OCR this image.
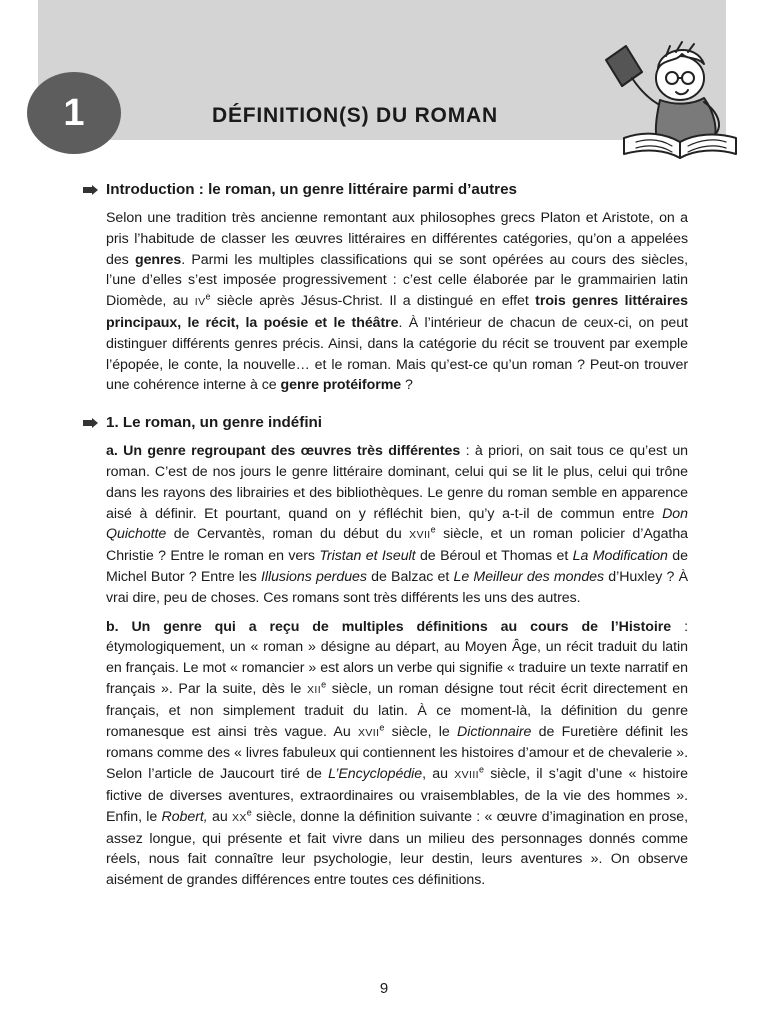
1	DÉFINITION(S) DU ROMAN
Introduction : le roman, un genre littéraire parmi d’autres

Selon une tradition très ancienne remontant aux philosophes grecs Platon et Aristote, on a pris l’habitude de classer les œuvres littéraires en différentes catégories, qu’on a appelées des genres. Parmi les multiples classifications qui se sont opérées au cours des siècles, l’une d’elles s’est imposée progressivement : c’est celle élaborée par le grammairien latin Diomède, au IVe siècle après Jésus-Christ. Il a distingué en effet trois genres littéraires principaux, le récit, la poésie et le théâtre. À l’intérieur de chacun de ceux-ci, on peut distinguer différents genres précis. Ainsi, dans la catégorie du récit se trouvent par exemple l’épopée, le conte, la nouvelle… et le roman. Mais qu’est-ce qu’un roman ? Peut-on trouver une cohérence interne à ce genre protéiforme ?

1. Le roman, un genre indéfini

a. Un genre regroupant des œuvres très différentes : à priori, on sait tous ce qu’est un roman. C’est de nos jours le genre littéraire dominant, celui qui se lit le plus, celui qui trône dans les rayons des librairies et des bibliothèques. Le genre du roman semble en apparence aisé à définir. Et pourtant, quand on y réfléchit bien, qu’y a-t-il de commun entre Don Quichotte de Cervantès, roman du début du XVIIe siècle, et un roman policier d’Agatha Christie ? Entre le roman en vers Tristan et Iseult de Béroul et Thomas et La Modification de Michel Butor ? Entre les Illusions perdues de Balzac et Le Meilleur des mondes d’Huxley ? À vrai dire, peu de choses. Ces romans sont très différents les uns des autres.

b. Un genre qui a reçu de multiples définitions au cours de l’Histoire : étymologiquement, un « roman » désigne au départ, au Moyen Âge, un récit traduit du latin en français. Le mot « romancier » est alors un verbe qui signifie « traduire un texte narratif en français ». Par la suite, dès le XIIe siècle, un roman désigne tout récit écrit directement en français, et non simplement traduit du latin. À ce moment-là, la définition du genre romanesque est ainsi très vague. Au XVIIe siècle, le Dictionnaire de Furetière définit les romans comme des « livres fabuleux qui contiennent les histoires d’amour et de chevalerie ». Selon l’article de Jaucourt tiré de L’Encyclopédie, au XVIIIe siècle, il s’agit d’une « histoire fictive de diverses aventures, extraordinaires ou vraisemblables, de la vie des hommes ». Enfin, le Robert, au XXe siècle, donne la définition suivante : « œuvre d’imagination en prose, assez longue, qui présente et fait vivre dans un milieu des personnages donnés comme réels, nous fait connaître leur psychologie, leur destin, leurs aventures ». On observe aisément de grandes différences entre toutes ces définitions.

9
